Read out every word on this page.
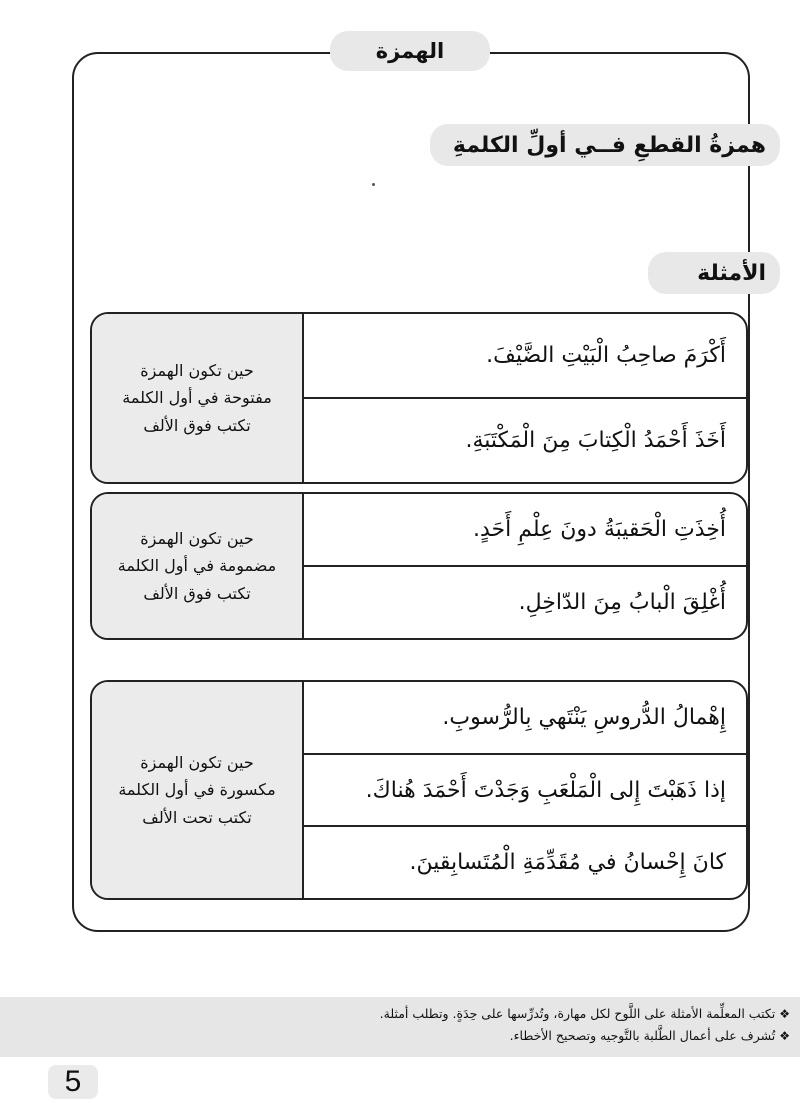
الهمزة
همزةُ القطعِ فــي أولِّ الكلمةِ
الأمثلة
حين تكون الهمزة
مفتوحة في أول الكلمة
تكتب فوق الألف
أَكْرَمَ صاحِبُ الْبَيْتِ الضَّيْفَ.
أَخَذَ أَحْمَدُ الْكِتابَ مِنَ الْمَكْتَبَةِ.
حين تكون الهمزة
مضمومة في أول الكلمة
تكتب فوق الألف
أُخِذَتِ الْحَقيبَةُ دونَ عِلْمِ أَحَدٍ.
أُغْلِقَ الْبابُ مِنَ الدّاخِلِ.
حين تكون الهمزة
مكسورة في أول الكلمة
تكتب تحت الألف
إِهْمالُ الدُّروسِ يَنْتَهي بِالرُّسوبِ.
إذا ذَهَبْتَ إِلى الْمَلْعَبِ وَجَدْتَ أَحْمَدَ هُناكَ.
كانَ إِحْسانُ في مُقَدِّمَةِ الْمُتَسابِقينَ.
❖تكتب المعلِّمة الأمثلة على اللَّوح لكل مهارة، وتُدرِّسها على حِدَةٍ. وتطلب أمثلة.
❖تُشرف على أعمال الطَّلبة بالتَّوجيه وتصحيح الأخطاء.
5
